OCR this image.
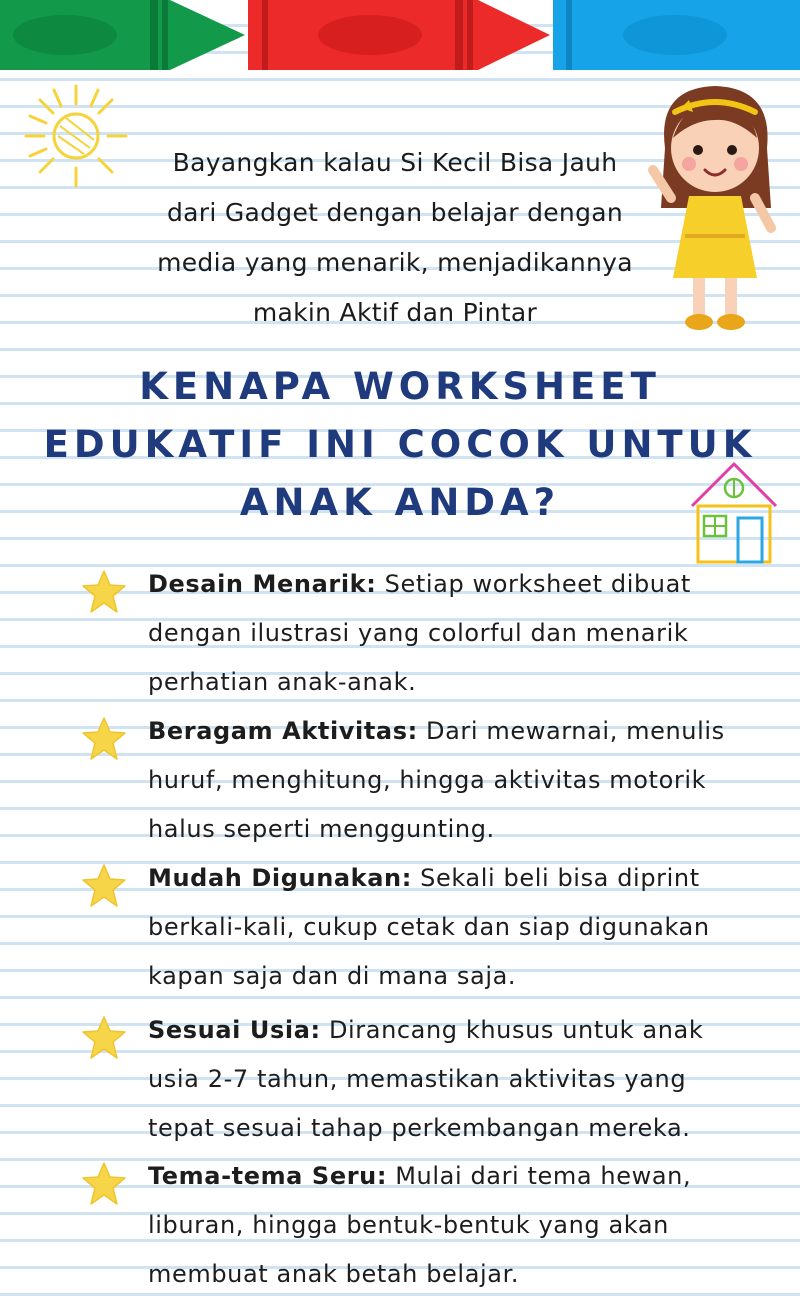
Bayangkan kalau Si Kecil Bisa Jauh
dari Gadget dengan belajar dengan
media yang menarik, menjadikannya
makin Aktif dan Pintar
KENAPA WORKSHEET
EDUKATIF INI COCOK UNTUK
ANAK ANDA?
Desain Menarik: Setiap worksheet dibuat
dengan ilustrasi yang colorful dan menarik
perhatian anak-anak.
Beragam Aktivitas: Dari mewarnai, menulis
huruf, menghitung, hingga aktivitas motorik
halus seperti menggunting.
Mudah Digunakan: Sekali beli bisa diprint
berkali-kali, cukup cetak dan siap digunakan
kapan saja dan di mana saja.
Sesuai Usia: Dirancang khusus untuk anak
usia 2-7 tahun, memastikan aktivitas yang
tepat sesuai tahap perkembangan mereka.
Tema-tema Seru: Mulai dari tema hewan,
liburan, hingga bentuk-bentuk yang akan
membuat anak betah belajar.
